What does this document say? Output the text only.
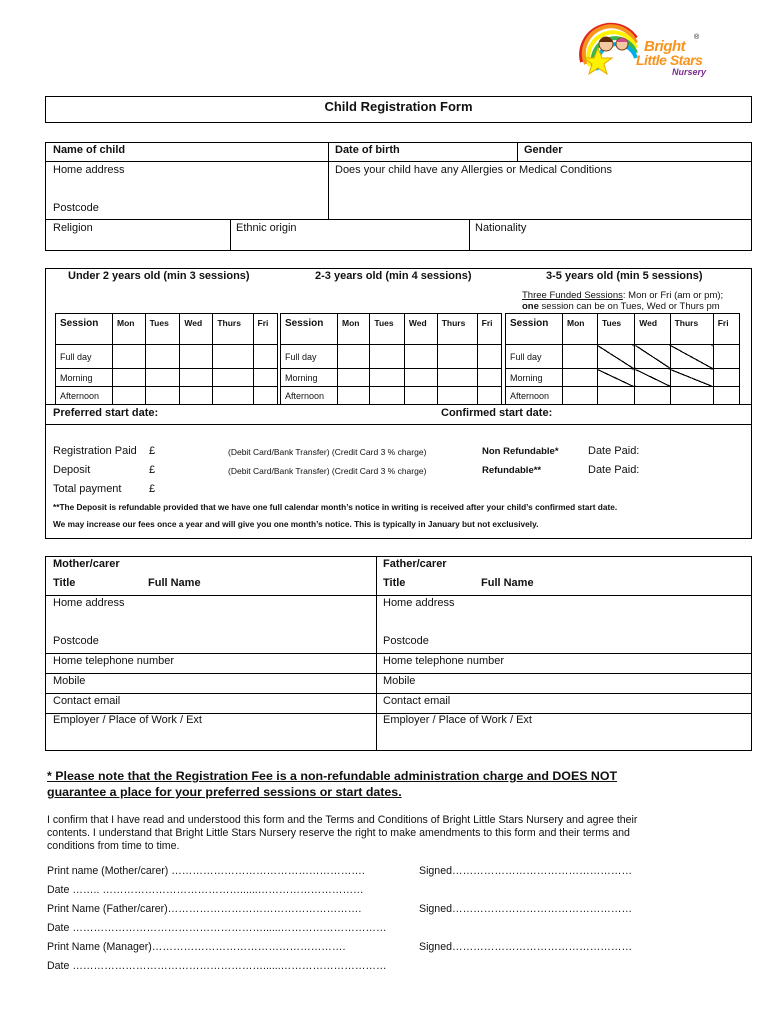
Bright
Little Stars
Nursery
®
Child Registration Form
Name of child	Date of birth	Gender
Home address	Does your child have any Allergies or Medical Conditions
Postcode
Religion	Ethnic origin	Nationality
Under 2 years old (min 3 sessions)	2-3 years old (min 4 sessions)	3-5 years old (min 5 sessions)
Three Funded Sessions: Mon or Fri (am or pm);
one session can be on Tues, Wed or Thurs pm
Session	Mon	Tues	Wed	Thurs	Fri
Full day					
Morning					
Afternoon					
Session	Mon	Tues	Wed	Thurs	Fri
Full day					
Morning					
Afternoon					
Session	Mon	Tues	Wed	Thurs	Fri
Full day					
Morning					
Afternoon					
Preferred start date:	Confirmed start date:
Registration Paid £	(Debit Card/Bank Transfer) (Credit Card 3 % charge)	Non Refundable*	Date Paid:
Deposit	£	(Debit Card/Bank Transfer) (Credit Card 3 % charge)	Refundable**	Date Paid:
Total payment	£
**The Deposit is refundable provided that we have one full calendar month’s notice in writing is received after your child’s confirmed start date.
We may increase our fees once a year and will give you one month’s notice. This is typically in January but not exclusively.
Mother/carer
Title	Full Name
Home address
Postcode
Home telephone number
Mobile
Contact email
Employer / Place of Work / Ext
Father/carer
Title	Full Name
Home address
Postcode
Home telephone number
Mobile
Contact email
Employer / Place of Work / Ext
* Please note that the Registration Fee is a non-refundable administration charge and DOES NOT
guarantee a place for your preferred sessions or start dates.
I confirm that I have read and understood this form and the Terms and Conditions of Bright Little Stars Nursery and agree their
contents. I understand that Bright Little Stars Nursery reserve the right to make amendments to this form and their terms and
conditions from time to time.
Print name (Mother/carer) ……………………………………………….	Signed……………………………………………
Date …….. …………………………………......…………………………
Print Name (Father/carer)……………………………………………….	Signed……………………………………………
Date ………………………………………………......…………………………
Print Name (Manager)……………………………………………….	Signed……………………………………………
Date ………………………………………………......…………………………
